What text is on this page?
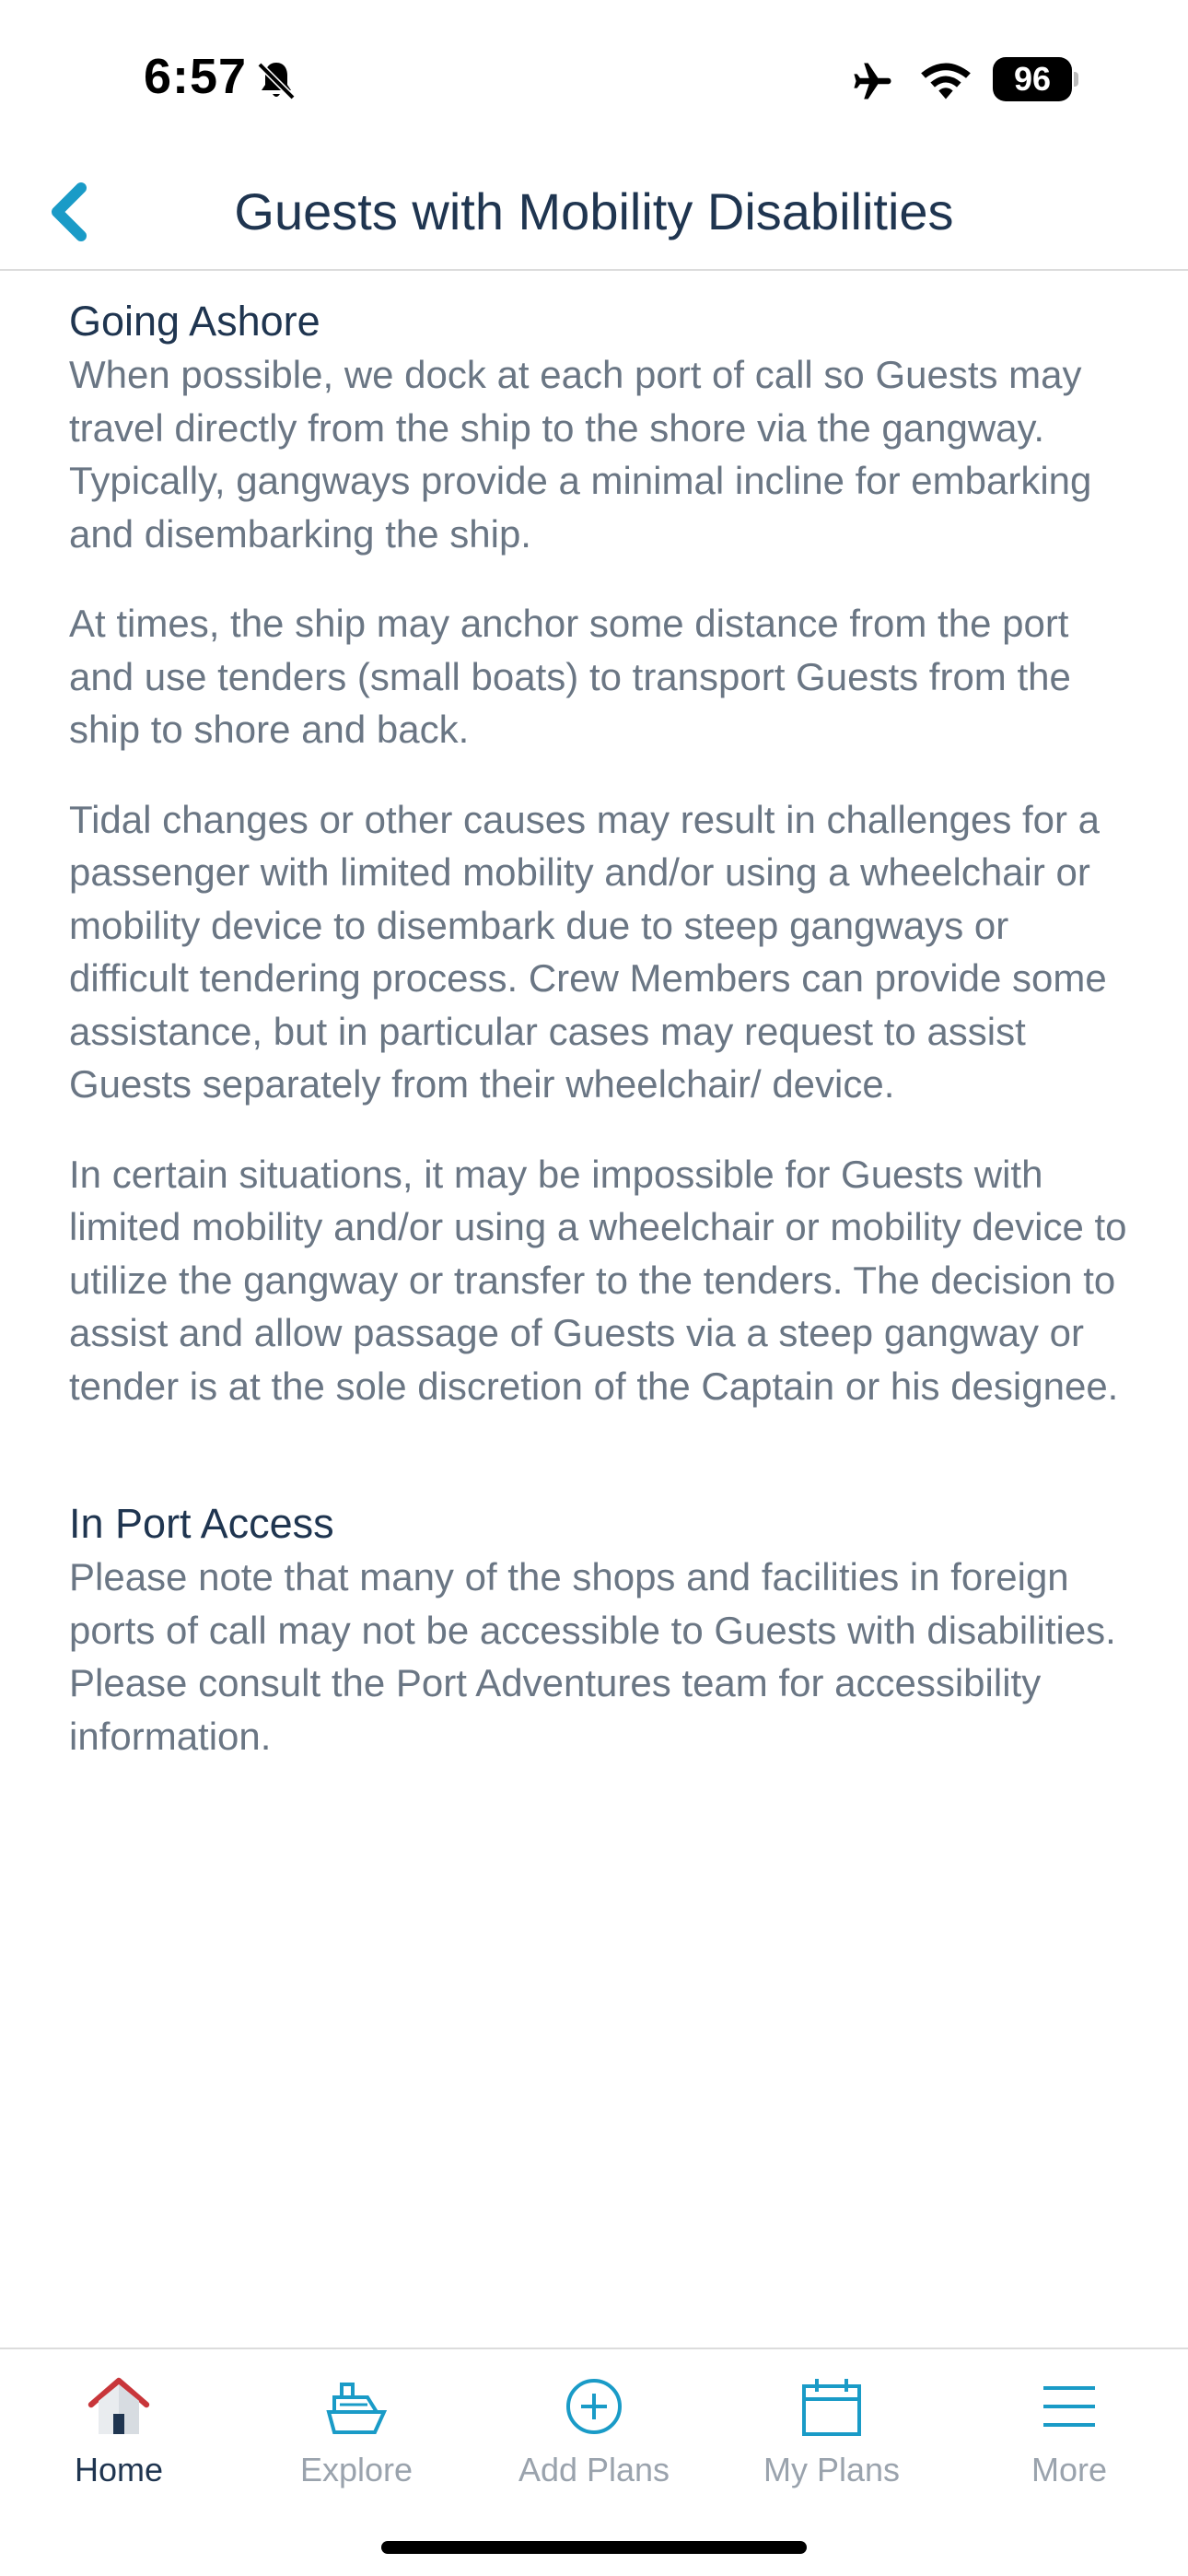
6:57	96
Guests with Mobility Disabilities
Going Ashore

When possible, we dock at each port of call so Guests may travel directly from the ship to the shore via the gangway. Typically, gangways provide a minimal incline for embarking and disembarking the ship.

At times, the ship may anchor some distance from the port and use tenders (small boats) to transport Guests from the ship to shore and back.

Tidal changes or other causes may result in challenges for a passenger with limited mobility and/or using a wheelchair or mobility device to disembark due to steep gangways or difficult tendering process. Crew Members can provide some assistance, but in particular cases may request to assist Guests separately from their wheelchair/ device.

In certain situations, it may be impossible for Guests with limited mobility and/or using a wheelchair or mobility device to utilize the gangway or transfer to the tenders. The decision to assist and allow passage of Guests via a steep gangway or tender is at the sole discretion of the Captain or his designee.

In Port Access

Please note that many of the shops and facilities in foreign ports of call may not be accessible to Guests with disabilities. Please consult the Port Adventures team for accessibility information.

Home	Explore	Add Plans	My Plans	More
